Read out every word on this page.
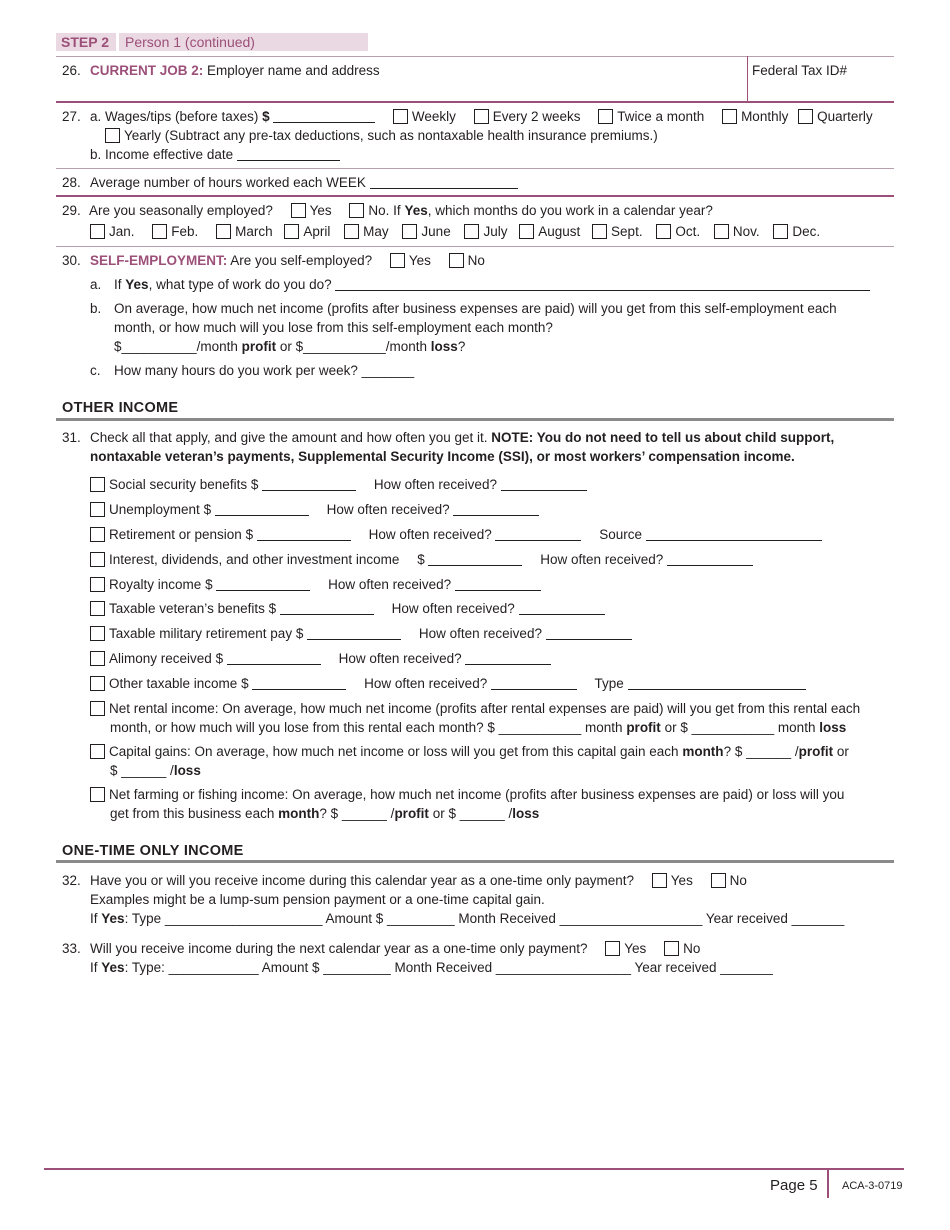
STEP 2 Person 1 (continued)
26. CURRENT JOB 2: Employer name and address	Federal Tax ID#
27. a. Wages/tips (before taxes) $	Weekly	Every 2 weeks	Twice a month	Monthly Quarterly
Yearly (Subtract any pre-tax deductions, such as nontaxable health insurance premiums.)
b. Income effective date
28. Average number of hours worked each WEEK
29. Are you seasonally employed?	Yes	No. If Yes, which months do you work in a calendar year?
Jan.	Feb.	March April May June July August Sept. Oct. Nov. Dec.
30. SELF-EMPLOYMENT: Are you self-employed?	Yes	No
a. If Yes, what type of work do you do?
b. On average, how much net income (profits after business expenses are paid) will you get from this self-employment each
month, or how much will you lose from this self-employment each month?
$__________/month profit or $___________/month loss?
c. How many hours do you work per week? _______
OTHER INCOME
31. Check all that apply, and give the amount and how often you get it. NOTE: You do not need to tell us about child support,
nontaxable veteran’s payments, Supplemental Security Income (SSI), or most workers’ compensation income.
Social security benefits $	How often received?
Unemployment $	How often received?
Retirement or pension $	How often received?	Source
Interest, dividends, and other investment income $	How often received?
Royalty income $	How often received?
Taxable veteran’s benefits $	How often received?
Taxable military retirement pay $	How often received?
Alimony received $	How often received?
Other taxable income $	How often received?	Type
Net rental income: On average, how much net income (profits after rental expenses are paid) will you get from this rental each
month, or how much will you lose from this rental each month? $ ___________ month profit or $ ___________ month loss
Capital gains: On average, how much net income or loss will you get from this capital gain each month? $ ______ /profit or
$ ______ /loss
Net farming or fishing income: On average, how much net income (profits after business expenses are paid) or loss will you
get from this business each month? $ ______ /profit or $ ______ /loss
ONE-TIME ONLY INCOME
32. Have you or will you receive income during this calendar year as a one-time only payment?	Yes	No
Examples might be a lump-sum pension payment or a one-time capital gain.
If Yes: Type _____________________ Amount $ _________ Month Received ___________________ Year received _______
33. Will you receive income during the next calendar year as a one-time only payment?	Yes	No
If Yes: Type: ____________ Amount $ _________ Month Received __________________ Year received _______
Page 5 ACA-3-0719
